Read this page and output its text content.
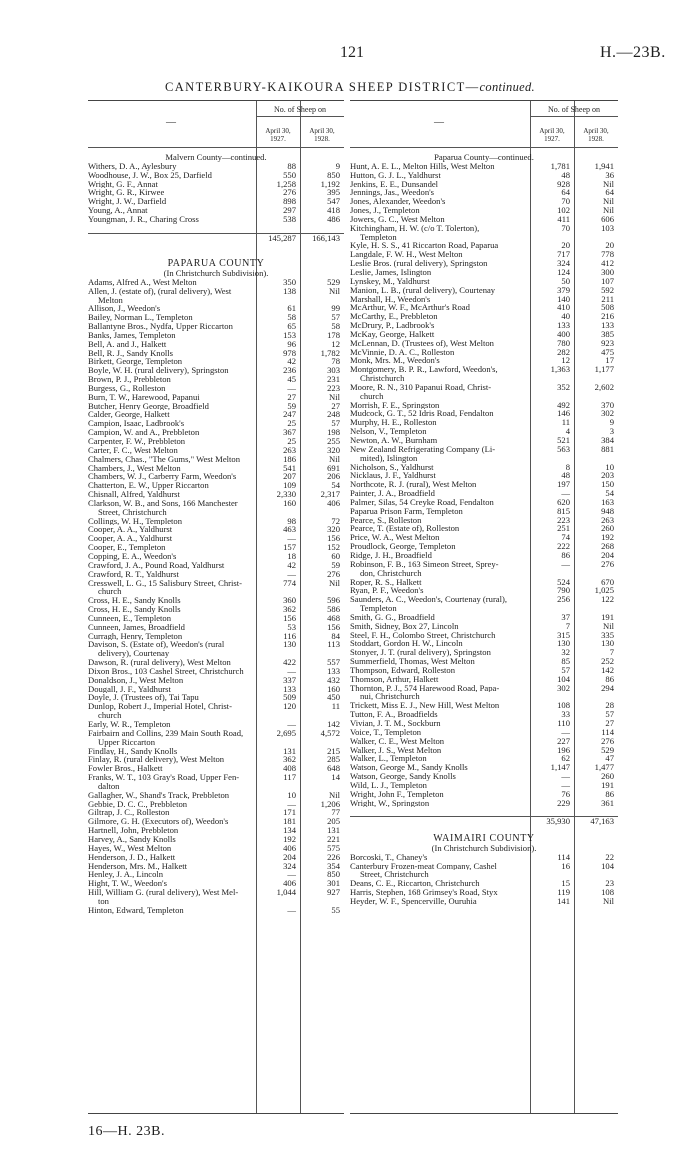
121	H.—23B.
CANTERBURY-KAIKOURA SHEEP DISTRICT—continued.
—
No. of Sheep on
April 30,
1927.
April 30,
1928.
Malvern County—continued.
Withers, D. A., Aylesbury	88	9
Woodhouse, J. W., Box 25, Darfield	550	850
Wright, G. F., Annat	1,258	1,192
Wright, G. R., Kirwee	276	395
Wright, J. W., Darfield	898	547
Young, A., Annat	297	418
Youngman, J. R., Charing Cross	538	486

145,287	166,143

PAPARUA COUNTY
(In Christchurch Subdivision).
Adams, Alfred A., West Melton	350	529
Allen, J. (estate of), (rural delivery), West	138	Nil
Melton
Allison, J., Weedon's	61	99
Bailey, Norman L., Templeton	58	57
Ballantyne Bros., Nydfa, Upper Riccarton	65	58
Banks, James, Templeton	153	178
Bell, A. and J., Halkett	96	12
Bell, R. J., Sandy Knolls	978	1,782
Birkett, George, Templeton	42	78
Boyle, W. H. (rural delivery), Springston	236	303
Brown, P. J., Prebbleton	45	231
Burgess, G., Rolleston	—	223
Burn, T. W., Harewood, Papanui	27	Nil
Butcher, Henry George, Broadfield	59	27
Calder, George, Halkett	247	248
Campion, Isaac, Ladbrook's	25	57
Campion, W. and A., Prebbleton	367	198
Carpenter, F. W., Prebbleton	25	255
Carter, F. C., West Melton	263	320
Chalmers, Chas., "The Gums," West Melton	186	Nil
Chambers, J., West Melton	541	691
Chambers, W. J., Carberry Farm, Weedon's	207	206
Chatterton, E. W., Upper Riccarton	109	54
Chisnall, Alfred, Yaldhurst	2,330	2,317
Clarkson, W. B., and Sons, 166 Manchester	160	406
Street, Christchurch
Collings, W. H., Templeton	98	72
Cooper, A. A., Yaldhurst	463	320
Cooper, A. A., Yaldhurst	—	156
Cooper, E., Templeton	157	152
Copping, E. A., Weedon's	18	60
Crawford, J. A., Pound Road, Yaldhurst	42	59
Crawford, R. T., Yaldhurst	—	276
Cresswell, L. G., 15 Salisbury Street, Christ-	774	Nil
church
Cross, H. E., Sandy Knolls	360	596
Cross, H. E., Sandy Knolls	362	586
Cunneen, E., Templeton	156	468
Cunneen, James, Broadfield	53	156
Curragh, Henry, Templeton	116	84
Davison, S. (Estate of), Weedon's (rural	130	113
delivery), Courtenay
Dawson, R. (rural delivery), West Melton	422	557
Dixon Bros., 103 Cashel Street, Christchurch	—	133
Donaldson, J., West Melton	337	432
Dougall, J. F., Yaldhurst	133	160
Doyle, J. (Trustees of), Tai Tapu	509	450
Dunlop, Robert J., Imperial Hotel, Christ-	120	11
church
Early, W. R., Templeton	—	142
Fairbairn and Collins, 239 Main South Road,	2,695	4,572
Upper Riccarton
Findlay, H., Sandy Knolls	131	215
Finlay, R. (rural delivery), West Melton	362	285
Fowler Bros., Halkett	408	648
Franks, W. T., 103 Gray's Road, Upper Fen-	117	14
dalton
Gallagher, W., Shand's Track, Prebbleton	10	Nil
Gebbie, D. C. C., Prebbleton	—	1,206
Giltrap, J. C., Rolleston	171	77
Gilmore, G. H. (Executors of), Weedon's	181	205
Hartnell, John, Prebbleton	134	131
Harvey, A., Sandy Knolls	192	221
Hayes, W., West Melton	406	575
Henderson, J. D., Halkett	204	226
Henderson, Mrs. M., Halkett	324	354
Henley, J. A., Lincoln	—	850
Hight, T. W., Weedon's	406	301
Hill, William G. (rural delivery), West Mel-	1,044	927
ton
Hinton, Edward, Templeton	—	55
—
No. of Sheep on
April 30,
1927.
April 30,
1928.
Paparua County—continued.
Hunt, A. E. L., Melton Hills, West Melton	1,781	1,941
Hutton, G. J. L., Yaldhurst	48	36
Jenkins, E. E., Dunsandel	928	Nil
Jennings, Jas., Weedon's	64	64
Jones, Alexander, Weedon's	70	Nil
Jones, J., Templeton	102	Nil
Jowers, G. C., West Melton	411	606
Kitchingham, H. W. (c/o T. Tolerton),	70	103
Templeton
Kyle, H. S. S., 41 Riccarton Road, Paparua	20	20
Langdale, F. W. H., West Melton	717	778
Leslie Bros. (rural delivery), Springston	324	412
Leslie, James, Islington	124	300
Lynskey, M., Yaldhurst	50	107
Manion, L. B., (rural delivery), Courtenay	379	592
Marshall, H., Weedon's	140	211
McArthur, W. F., McArthur's Road	410	508
McCarthy, E., Prebbleton	40	216
McDrury, P., Ladbrook's	133	133
McKay, George, Halkett	400	385
McLennan, D. (Trustees of), West Melton	780	923
McVinnie, D. A. C., Rolleston	282	475
Monk, Mrs. M., Weedon's	12	17
Montgomery, B. P. R., Lawford, Weedon's,	1,363	1,177
Christchurch
Moore, R. N., 310 Papanui Road, Christ-	352	2,602
church
Morrish, F. E., Springston	492	370
Mudcock, G. T., 52 Idris Road, Fendalton	146	302
Murphy, H. E., Rolleston	11	9
Nelson, V., Templeton	4	3
Newton, A. W., Burnham	521	384
New Zealand Refrigerating Company (Li-	563	881
mited), Islington
Nicholson, S., Yaldhurst	8	10
Nicklaus, J. F., Yaldhurst	48	203
Northcote, R. J. (rural), West Melton	197	150
Painter, J. A., Broadfield	—	54
Palmer, Silas, 54 Creyke Road, Fendalton	620	163
Paparua Prison Farm, Templeton	815	948
Pearce, S., Rolleston	223	263
Pearce, T. (Estate of), Rolleston	251	260
Price, W. A., West Melton	74	192
Proudlock, George, Templeton	222	268
Ridge, J. H., Broadfield	86	204
Robinson, F. B., 163 Simeon Street, Sprey-	—	276
don, Christchurch
Roper, R. S., Halkett	524	670
Ryan, P. F., Weedon's	790	1,025
Saunders, A. C., Weedon's, Courtenay (rural),	256	122
Templeton
Smith, G. G., Broadfield	37	191
Smith, Sidney, Box 27, Lincoln	7	Nil
Steel, F. H., Colombo Street, Christchurch	315	335
Stoddart, Gordon H. W., Lincoln	130	130
Stonyer, J. T. (rural delivery), Springston	32	7
Summerfield, Thomas, West Melton	85	252
Thompson, Edward, Rolleston	57	142
Thomson, Arthur, Halkett	104	86
Thornton, P. J., 574 Harewood Road, Papa-	302	294
nui, Christchurch
Trickett, Miss E. J., New Hill, West Melton	108	28
Tutton, F. A., Broadfields	33	57
Vivian, J. T. M., Sockburn	110	27
Voice, T., Templeton	—	114
Walker, C. E., West Melton	227	276
Walker, J. S., West Melton	196	529
Walker, L., Templeton	62	47
Watson, George M., Sandy Knolls	1,147	1,477
Watson, George, Sandy Knolls	—	260
Wild, L. J., Templeton	—	191
Wright, John F., Templeton	76	86
Wright, W., Springston	229	361

35,930	47,163

WAIMAIRI COUNTY
(In Christchurch Subdivision).
Borcoski, T., Chaney's	114	22
Canterbury Frozen-meat Company, Cashel	16	104
Street, Christchurch
Deans, C. E., Riccarton, Christchurch	15	23
Harris, Stephen, 168 Grimsey's Road, Styx	119	108
Heyder, W. F., Spencerville, Ouruhia	141	Nil
16—H. 23B.
